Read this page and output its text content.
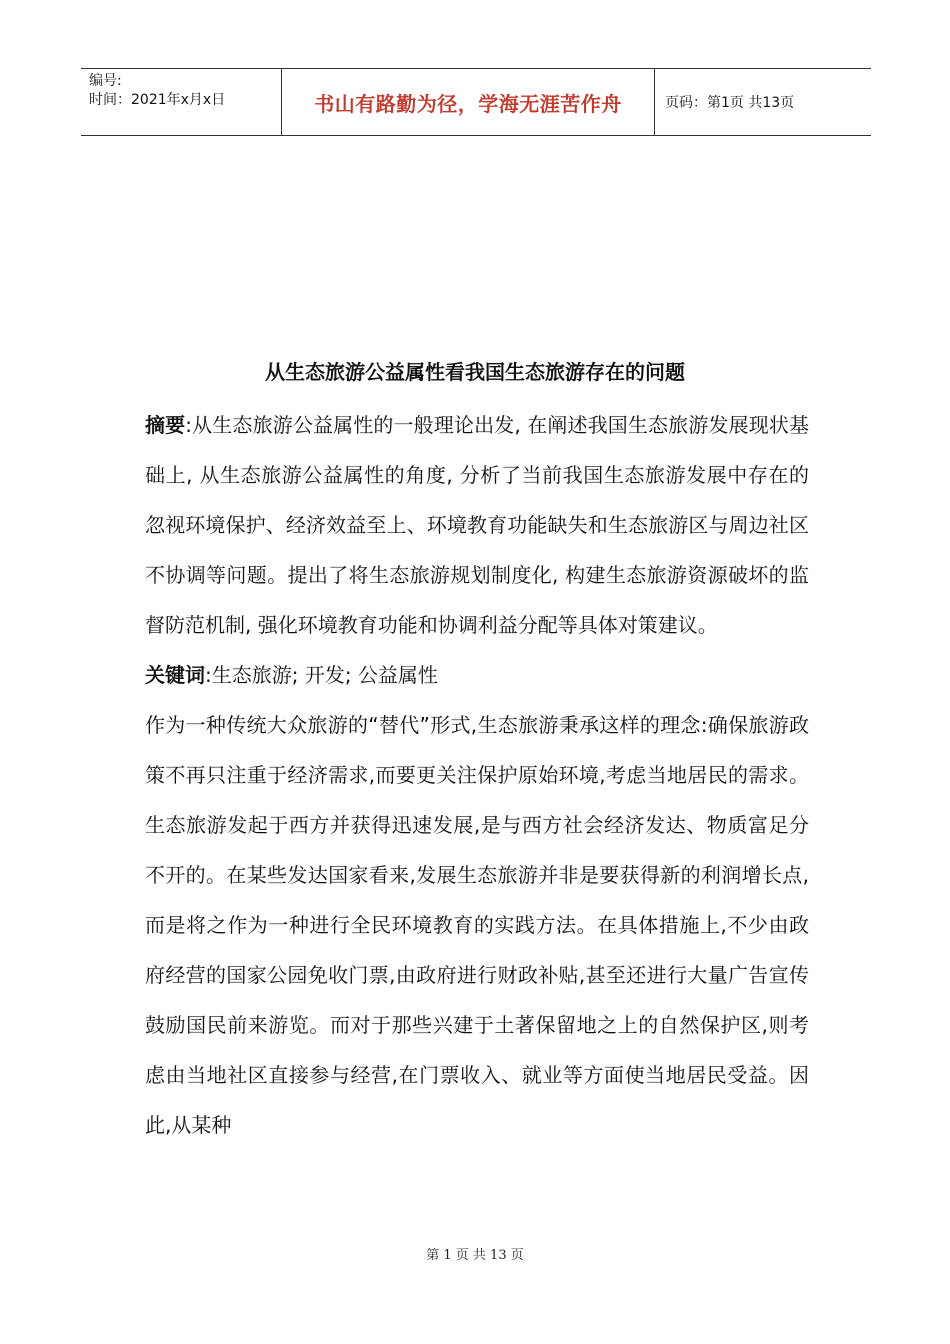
编号:
时间：2021年x月x日	书山有路勤为径，学海无涯苦作舟	页码：第1页 共13页
从生态旅游公益属性看我国生态旅游存在的问题

摘要:从生态旅游公益属性的一般理论出发, 在阐述我国生态旅游发展现状基础上, 从生态旅游公益属性的角度, 分析了当前我国生态旅游发展中存在的忽视环境保护、经济效益至上、环境教育功能缺失和生态旅游区与周边社区不协调等问题。提出了将生态旅游规划制度化, 构建生态旅游资源破坏的监督防范机制, 强化环境教育功能和协调利益分配等具体对策建议。

关键词:生态旅游; 开发; 公益属性

作为一种传统大众旅游的“替代”形式,生态旅游秉承这样的理念:确保旅游政策不再只注重于经济需求,而要更关注保护原始环境,考虑当地居民的需求。生态旅游发起于西方并获得迅速发展,是与西方社会经济发达、物质富足分不开的。在某些发达国家看来,发展生态旅游并非是要获得新的利润增长点,而是将之作为一种进行全民环境教育的实践方法。在具体措施上,不少由政府经营的国家公园免收门票,由政府进行财政补贴,甚至还进行大量广告宣传鼓励国民前来游览。而对于那些兴建于土著保留地之上的自然保护区,则考虑由当地社区直接参与经营,在门票收入、就业等方面使当地居民受益。因此,从某种

第 1 页 共 13 页
